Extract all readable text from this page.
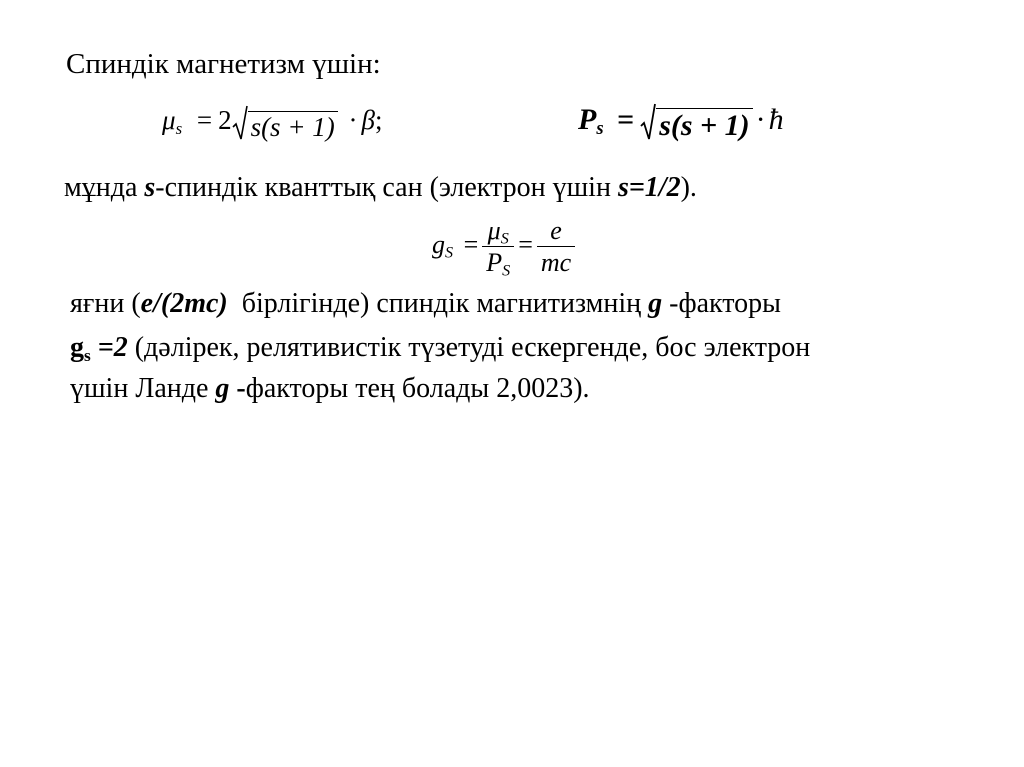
Спиндік магнетизм үшін:
$\mu_s = 2$ s(s + 1) · β;	$P_s = s(s + 1)$ · ħ
мұнда s-спиндік кванттық сан (электрон үшін s=1/2).
$g_S = \frac{\mu_S}{P_S} = \frac{e}{mc}$
яғни (e/(2mc)  бірлігінде) спиндік магнитизмнің g -факторы
$g_s =2$ (дәлірек, релятивистік түзетуді ескергенде, бос электрон
үшін Ланде g -факторы тең болады 2,0023).
